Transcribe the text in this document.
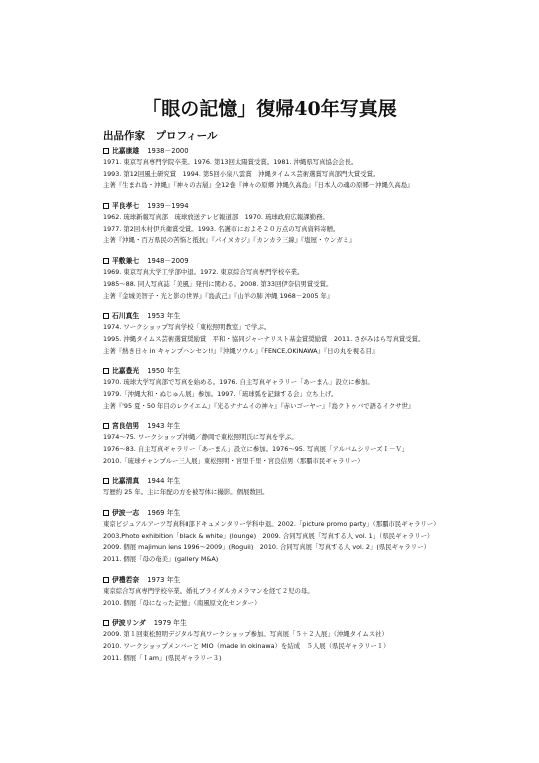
「眼の記憶」復帰40年写真展
出品作家　プロフィール
比嘉康雄 1938－2000
1971. 東京写真専門学院卒業。1976. 第13回太陽賞受賞。1981. 沖縄県写真協会会長。
1993. 第12回風土研究賞　1994. 第5回小泉八雲賞　沖縄タイムス芸術選賞写真部門大賞受賞。
主著『生まれ島・沖縄』『神々の古層』全12巻『神々の原郷 沖縄久高島』『日本人の魂の原郷－沖縄久高島』
平良孝七 1939－1994
1962. 琉球新報写真部　琉球放送テレビ報道部　1970. 琉球政府広報課勤務。
1977. 第2回木村伊兵衛賞受賞。1993. 名護市におよそ２０万点の写真資料寄贈。
主著『沖縄・百万県民の苦悩と抵抗』『パイヌカジ』『カンカラ三線』『塩屋・ウンガミ』
平敷兼七 1948－2009
1969. 東京写真大学工学部中退。1972. 東京綜合写真専門学校卒業。
1985～88. 同人写真誌「美風」発刊に関わる。2008. 第33回伊奈信男賞受賞。
主著『金城美智子・光と影の世界』『島武己』『山羊の肺 沖縄 1968－2005 年』
石川真生 1953 年生
1974. ワークショップ写真学校「東松照明教室」で学ぶ。
1995. 沖縄タイムス芸術選賞奨励賞　平和・協同ジャーナリスト基金賞奨励賞　2011. さがみはら写真賞受賞。
主著『熱き日々 in キャンプハンセン!!』『沖縄ソウル』『FENCE,OKINAWA』『日の丸を視る目』
比嘉豊光 1950 年生
1970. 琉球大学写真部で写真を始める。1976. 自主写真ギャラリー「あーまん」設立に参加。
1979.「沖縄大和・ぬじゅん展」参加。1997.「琉球弧を記録する会」立ち上げ。
主著『'95 夏・50 年目のレクイエム』『光るナナムイの神々』『赤いゴーヤー』『島クトゥバで語るイクサ世』
宮良信男 1943 年生
1974～75. ワークショップ沖縄／静岡で東松照明氏に写真を学ぶ。
1976～83. 自主写真ギャラリー「あーまん」設立に参加。1976～95. 写真展「アルバムシリーズＩ－Ｖ」
2010.「琉球チャンプルー三人展」東松照明・宮里千里・宮良信男（那覇市民ギャラリー）
比嘉清真 1944 年生
写歴約 25 年。主に年配の方を被写体に撮影。個展数回。
伊波一志 1969 年生
東京ビジュアルアーツ写真科Ⅱ部ドキュメンタリー学科中退。2002.「picture promo party」（那覇市民ギャラリー）
2003.Photo exhibition「black & white」(lounge)　2009. 合同写真展「写真する人 vol. 1」（県民ギャラリー）
2009. 個展 majimun lens 1996～2009」(Roguii)　2010. 合同写真展「写真する人 vol. 2」(県民ギャラリー）
2011. 個展「母の奄美」(gallery M&A)
伊禮若奈 1973 年生
東京綜合写真専門学校卒業。婚礼ブライダルカメラマンを経て２児の母。
2010. 個展「母になった記憶」（南風原文化センター）
伊波リンダ 1979 年生
2009. 第１回東松照明デジタル写真ワークショップ参加。写真展「５＋２人展」（沖縄タイムス社）
2010. ワークショップメンバーと MIO（made in okinawa）を結成　５人展（県民ギャラリー１）
2011. 個展「Ｉam」(県民ギャラリー３)
